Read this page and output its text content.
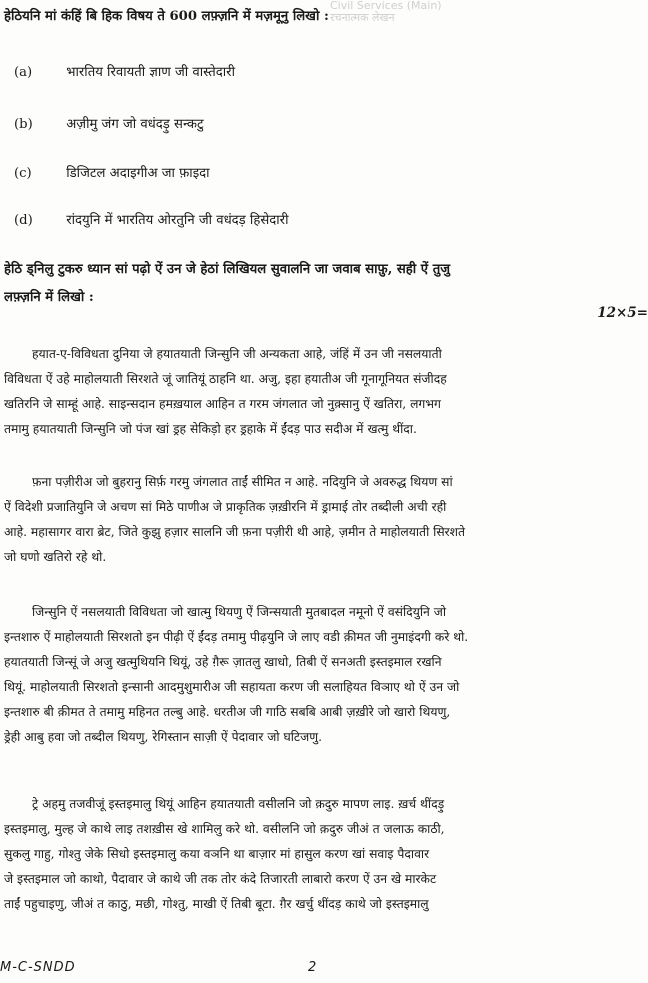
Civil Services (Main)
रचनात्मक लेखन
हेठियनि मां कंहिं बि हिक विषय ते 600 लफ़्ज़नि में मज़मूनु लिखो :
(a)	भारतिय रिवायती ज्ञाण जी वास्तेदारी
(b)	अज़ीमु जंग जो वधंदड़ु सन्कटु
(c)	डिजिटल अदाइगीअ जा फ़ाइदा
(d)	रांदयुनि में भारतिय ओरतुनि जी वधंदड़ हिसेदारी
हेठि ड्निलु टुकरु ध्यान सां पढ़ो ऐं उन जे हेठां लिखियल सुवालनि जा जवाब साफ़ु, सही ऐं तुजु
लफ़्ज़नि में लिखो :
12×5=
हयात-ए-विविधता दुनिया जे हयातयाती जिन्सुनि जी अन्यकता आहे, जंहिं में उन जी नसलयाती
विविधता ऐं उहे माहोलयाती सिरशते जूं जातियूं ठाहनि था. अजु, इहा हयातीअ जी गूनागूनियत संजीदह
खतिरनि जे साम्हूं आहे. साइन्सदान हमख़याल आहिन त गरम जंगलात जो नुक़्सानु ऐं खतिरा, लगभग
तमामु हयातयाती जिन्सुनि जो पंज खां ड्रह सेकिड़ो हर ड्रहाके में ईंदड़ पाउ सदीअ में खत्मु थींदा.
फ़ना पज़ीरीअ जो बुहरानु सिर्फ़ गरमु जंगलात ताईं सीमित न आहे. नदियुनि जे अवरुद्ध थियण सां
ऐं विदेशी प्रजातियुनि जे अचण सां मिठे पाणीअ जे प्राकृतिक ज़ख़ीरनि में ड्रामाई तोर तब्दीली अची रही
आहे. महासागर वारा ब्रेट, जिते कुझु हज़ार सालनि जी फ़ना पज़ीरी थी आहे, ज़मीन ते माहोलयाती सिरशते
जो घणो खतिरो रहे थो.
जिन्सुनि ऐं नसलयाती विविधता जो खात्मु थियणु ऐं जिन्सयाती मुतबादल नमूनो ऐं वसंदियुनि जो
इन्तशारु ऐं माहोलयाती सिरशतो इन पीढ़ी ऐं ईंदड़ तमामु पीढ़युनि जे लाए वडी क़ीमत जी नुमाइंदगी करे थो.
हयातयाती जिन्सूं जे अजु खत्मुथियनि थियूं, उहे ग़ैरू ज़ातलु खाधो, तिबी ऐं सनअती इस्तइमाल रखनि
थियूं. माहोलयाती सिरशतो इन्सानी आदमुशुमारीअ जी सहायता करण जी सलाहियत विञाए थो ऐं उन जो
इन्तशारु बी क़ीमत ते तमामु महिनत तल्बु आहे. धरतीअ जी गाठि सबबि आबी ज़ख़ीरे जो खारो थियणु,
ड्रेही आबु हवा जो तब्दील थियणु, रेगिस्तान साज़ी ऐं पेदावार जो घटिजणु.
ट्रे अहमु तजवीजूं इस्तइमालु थियूं आहिन हयातयाती वसीलनि जो क़दुरु मापण लाइ. ख़र्च थींदड़ु
इस्तइमालु, मुल्ह जे काथे लाइ तशख़ीस खे शामिलु करे थो. वसीलनि जो क़दुरु जीअं त जलाऊ काठी,
सुकलु गाहु, गोश्तु जेके सिधो इस्तइमालु कया वञनि था बाज़ार मां हासुल करण खां सवाइ पैदावार
जे इस्तइमाल जो काथो, पैदावार जे काथे जी तक तोर कंदे तिजारती लाबारो करण ऐं उन खे मारकेट
ताईं पहुचाइणु, जीअं त काठु, मछी, गोश्तु, माखी ऐं तिबी बूटा. ग़ैर खर्चु थींदड़ काथे जो इस्तइमालु
M-C-SNDD	2
